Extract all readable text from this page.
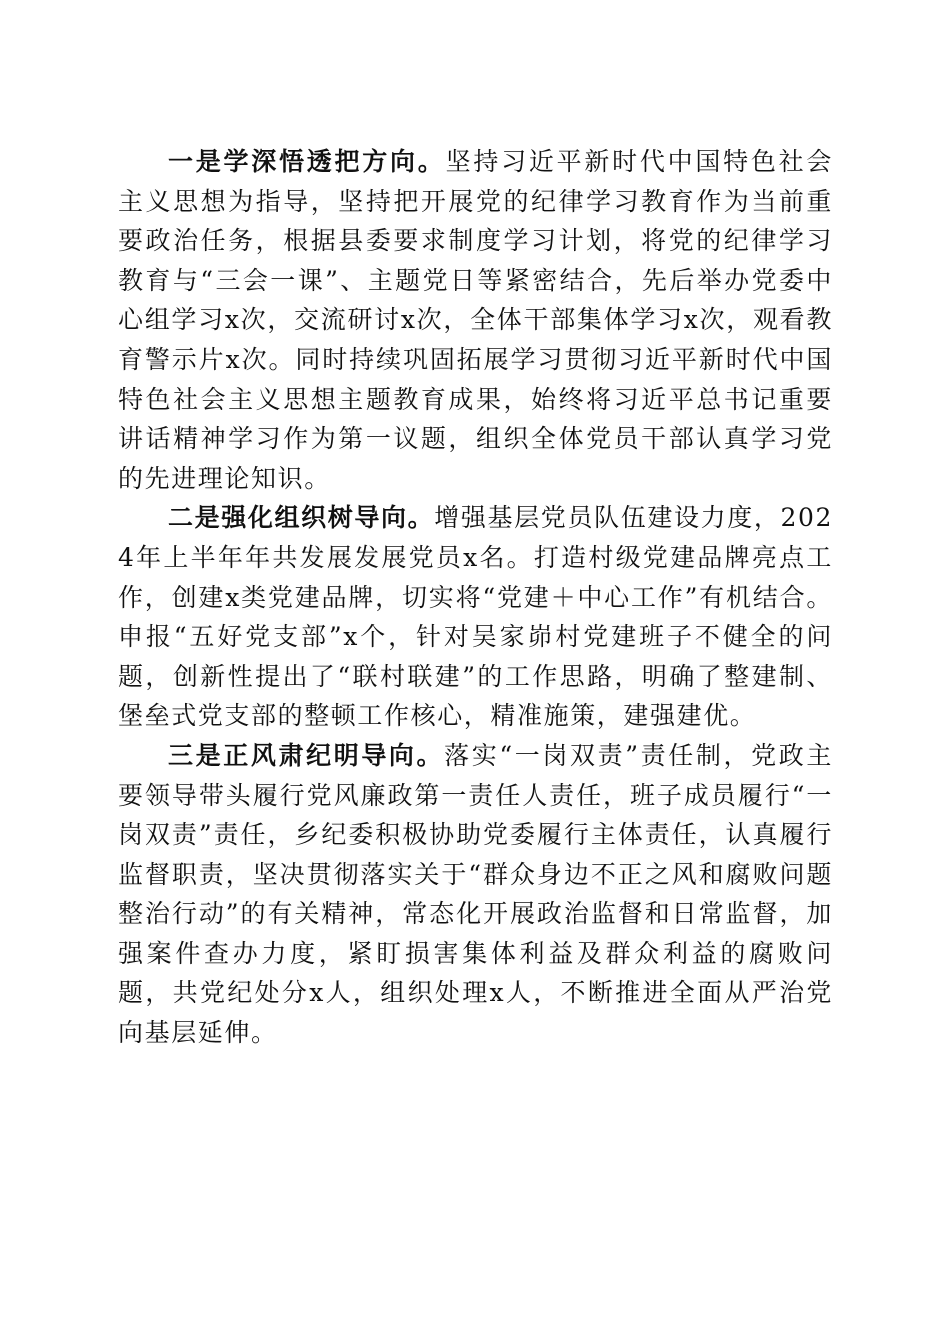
一是学深悟透把方向。坚持习近平新时代中国特色社会主义思想为指导，坚持把开展党的纪律学习教育作为当前重要政治任务，根据县委要求制度学习计划，将党的纪律学习教育与“三会一课”、主题党日等紧密结合，先后举办党委中心组学习x次，交流研讨x次，全体干部集体学习x次，观看教育警示片x次。同时持续巩固拓展学习贯彻习近平新时代中国特色社会主义思想主题教育成果，始终将习近平总书记重要讲话精神学习作为第一议题，组织全体党员干部认真学习党的先进理论知识。

二是强化组织树导向。增强基层党员队伍建设力度，2024年上半年年共发展发展党员x名。打造村级党建品牌亮点工作，创建x类党建品牌，切实将“党建＋中心工作”有机结合。申报“五好党支部”x个，针对吴家峁村党建班子不健全的问题，创新性提出了“联村联建”的工作思路，明确了整建制、堡垒式党支部的整顿工作核心，精准施策，建强建优。

三是正风肃纪明导向。落实“一岗双责”责任制，党政主要领导带头履行党风廉政第一责任人责任，班子成员履行“一岗双责”责任，乡纪委积极协助党委履行主体责任，认真履行监督职责，坚决贯彻落实关于“群众身边不正之风和腐败问题整治行动”的有关精神，常态化开展政治监督和日常监督，加强案件查办力度，紧盯损害集体利益及群众利益的腐败问题，共党纪处分x人，组织处理x人，不断推进全面从严治党向基层延伸。
